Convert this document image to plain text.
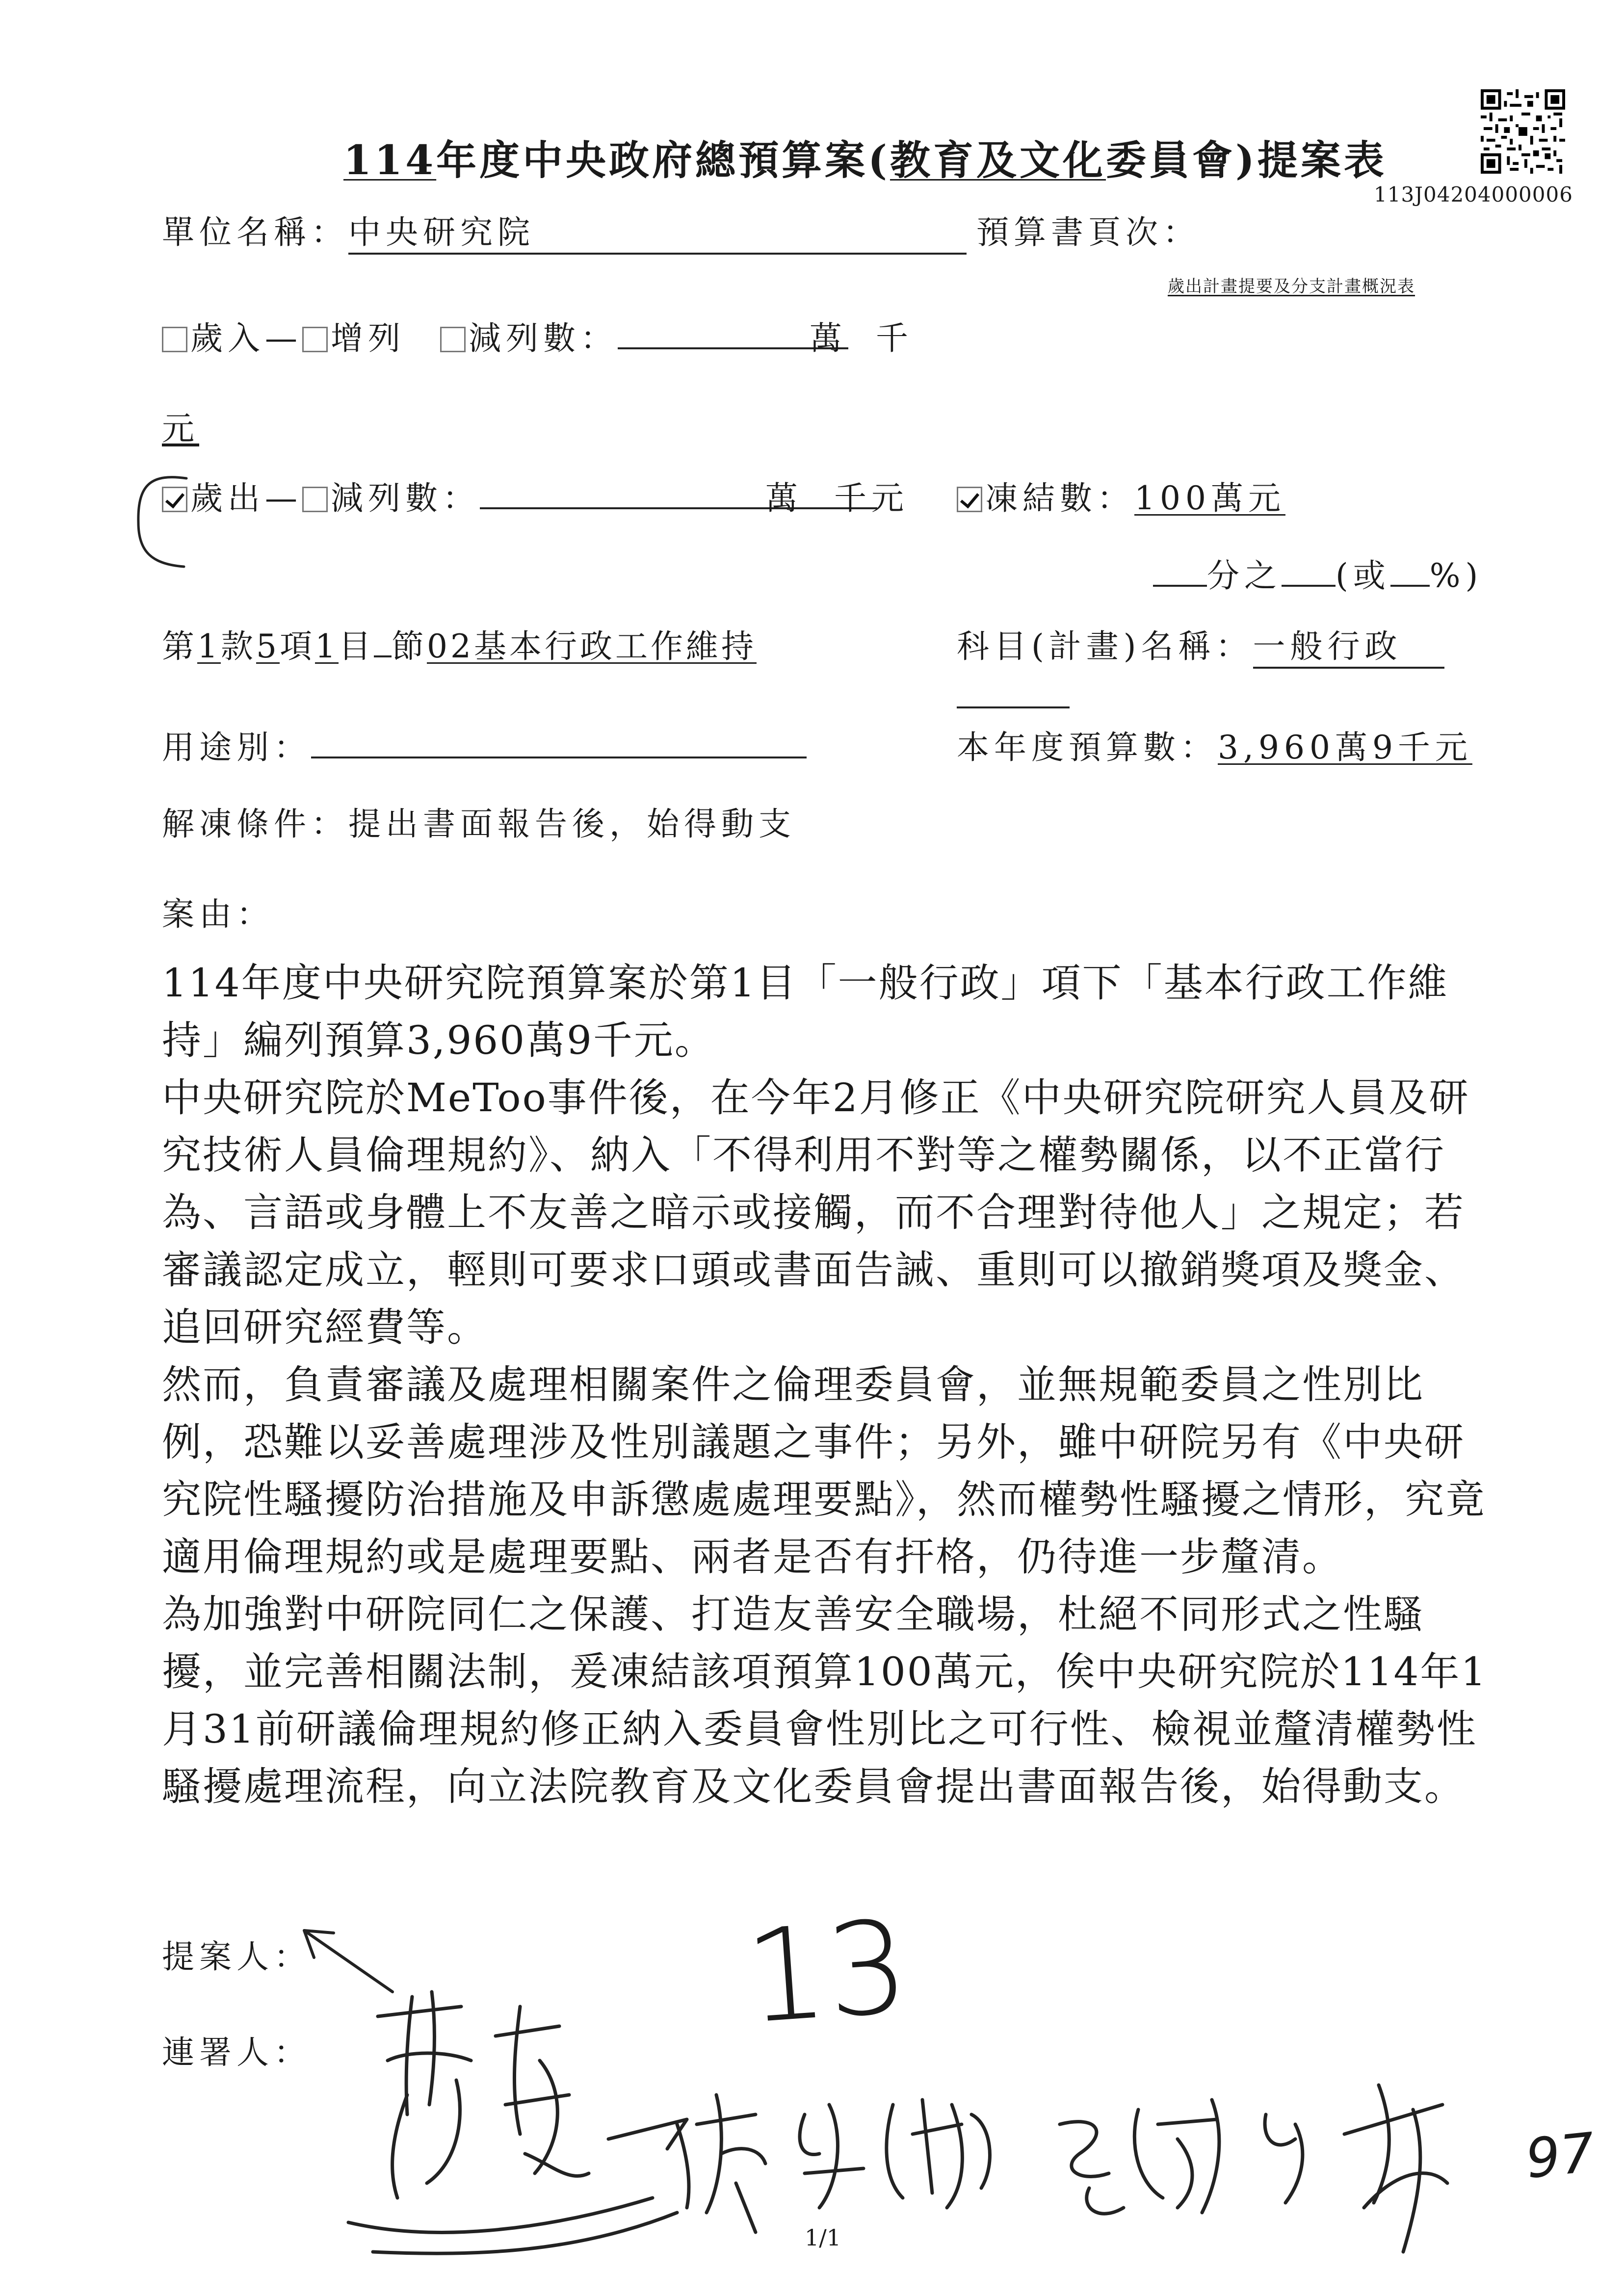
114年度中央政府總預算案(教育及文化委員會)提案表
113J04204000006
單位名稱：中央研究院	預算書頁次：
歲出計畫提要及分支計畫概況表
歲入— 增列 減列數：	萬 千
元
歲出— 減列數：	萬 千元	凍結數：100萬元
分之 (或 %)
第1款5項1目 節02基本行政工作維持	科目(計畫)名稱：一般行政
用途別：	本年度預算數：3,960萬9千元
解凍條件：提出書面報告後，始得動支
案由：

114年度中央研究院預算案於第1目「一般行政」項下「基本行政工作維持」編列預算3,960萬9千元。

中央研究院於MeToo事件後，在今年2月修正《中央研究院研究人員及研究技術人員倫理規約》、納入「不得利用不對等之權勢關係，以不正當行為、言語或身體上不友善之暗示或接觸，而不合理對待他人」之規定；若審議認定成立，輕則可要求口頭或書面告誡、重則可以撤銷獎項及獎金、追回研究經費等。

然而，負責審議及處理相關案件之倫理委員會，並無規範委員之性別比例，恐難以妥善處理涉及性別議題之事件；另外，雖中研院另有《中央研究院性騷擾防治措施及申訴懲處處理要點》，然而權勢性騷擾之情形，究竟適用倫理規約或是處理要點、兩者是否有扞格，仍待進一步釐清。

為加強對中研院同仁之保護、打造友善安全職場，杜絕不同形式之性騷擾，並完善相關法制，爰凍結該項預算100萬元，俟中央研究院於114年1月31前研議倫理規約修正納入委員會性別比之可行性、檢視並釐清權勢性騷擾處理流程，向立法院教育及文化委員會提出書面報告後，始得動支。

提案人：
連署人：
13
97
1/1
